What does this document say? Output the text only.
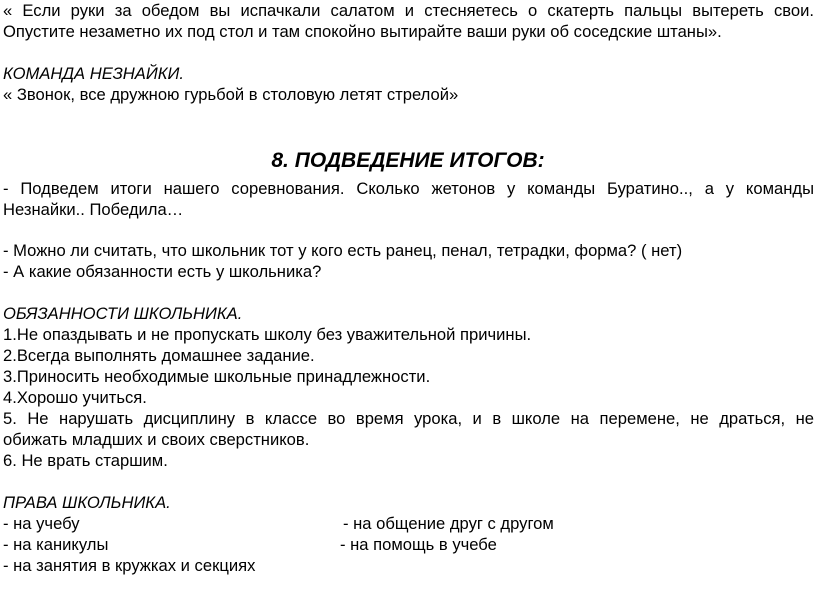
« Если руки за обедом вы испачкали салатом и стесняетесь о скатерть пальцы вытереть свои.
Опустите незаметно их под стол и там спокойно вытирайте ваши руки об соседские штаны».
КОМАНДА НЕЗНАЙКИ.
« Звонок, все дружною гурьбой в столовую летят стрелой»
8. ПОДВЕДЕНИЕ ИТОГОВ:
- Подведем итоги нашего соревнования. Сколько жетонов у команды Буратино.., а у команды
Незнайки.. Победила…
- Можно ли считать, что школьник тот у кого есть ранец, пенал, тетрадки, форма? ( нет)
- А какие обязанности есть у школьника?
ОБЯЗАННОСТИ ШКОЛЬНИКА.
1.Не опаздывать и не пропускать школу без уважительной причины.
2.Всегда выполнять домашнее задание.
3.Приносить необходимые школьные принадлежности.
4.Хорошо учиться.
5. Не нарушать дисциплину в классе во время урока, и в школе на перемене, не драться, не
обижать младших и своих сверстников.
6. Не врать старшим.
ПРАВА ШКОЛЬНИКА.
- на учебу	- на общение друг с другом
- на каникулы	- на помощь в учебе
- на занятия в кружках и секциях
